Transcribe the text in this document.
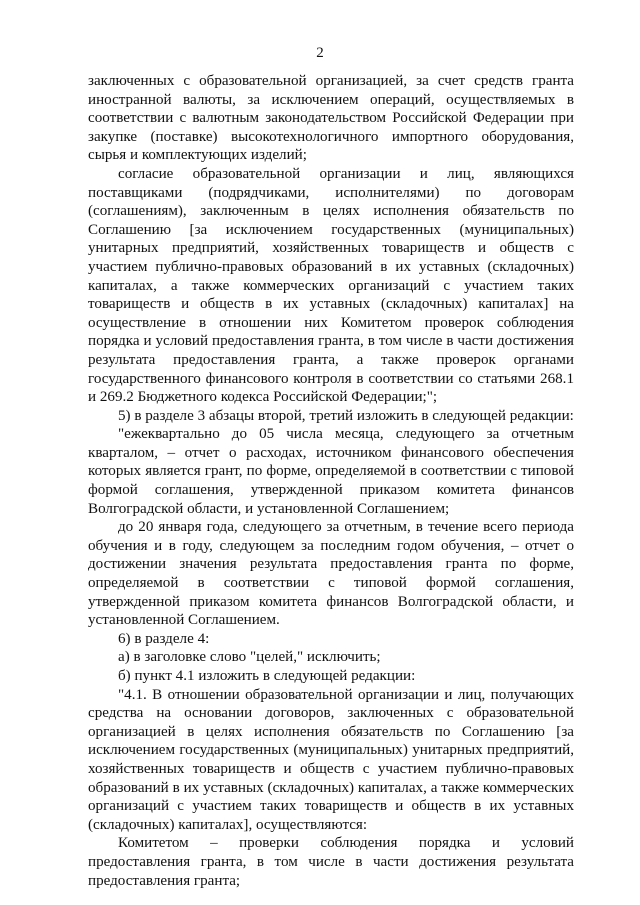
2

заключенных с образовательной организацией, за счет средств гранта иностранной валюты, за исключением операций, осуществляемых в соответствии с валютным законодательством Российской Федерации при закупке (поставке) высокотехнологичного импортного оборудования, сырья и комплектующих изделий;

согласие образовательной организации и лиц, являющихся поставщиками (подрядчиками, исполнителями) по договорам (соглашениям), заключенным в целях исполнения обязательств по Соглашению [за исключением государственных (муниципальных) унитарных предприятий, хозяйственных товариществ и обществ с участием публично-правовых образований в их уставных (складочных) капиталах, а также коммерческих организаций с участием таких товариществ и обществ в их уставных (складочных) капиталах] на осуществление в отношении них Комитетом проверок соблюдения порядка и условий предоставления гранта, в том числе в части достижения результата предоставления гранта, а также проверок органами государственного финансового контроля в соответствии со статьями 268.1 и 269.2 Бюджетного кодекса Российской Федерации;";

5) в разделе 3 абзацы второй, третий изложить в следующей редакции:

"ежеквартально до 05 числа месяца, следующего за отчетным кварталом, – отчет о расходах, источником финансового обеспечения которых является грант, по форме, определяемой в соответствии с типовой формой соглашения, утвержденной приказом комитета финансов Волгоградской области, и установленной Соглашением;

до 20 января года, следующего за отчетным, в течение всего периода обучения и в году, следующем за последним годом обучения, – отчет о достижении значения результата предоставления гранта по форме, определяемой в соответствии с типовой формой соглашения, утвержденной приказом комитета финансов Волгоградской области, и установленной Соглашением.

6) в разделе 4:

а) в заголовке слово "целей," исключить;

б) пункт 4.1 изложить в следующей редакции:

"4.1. В отношении образовательной организации и лиц, получающих средства на основании договоров, заключенных с образовательной организацией в целях исполнения обязательств по Соглашению [за исключением государственных (муниципальных) унитарных предприятий, хозяйственных товариществ и обществ с участием публично-правовых образований в их уставных (складочных) капиталах, а также коммерческих организаций с участием таких товариществ и обществ в их уставных (складочных) капиталах], осуществляются:

Комитетом – проверки соблюдения порядка и условий предоставления гранта, в том числе в части достижения результата предоставления гранта;
